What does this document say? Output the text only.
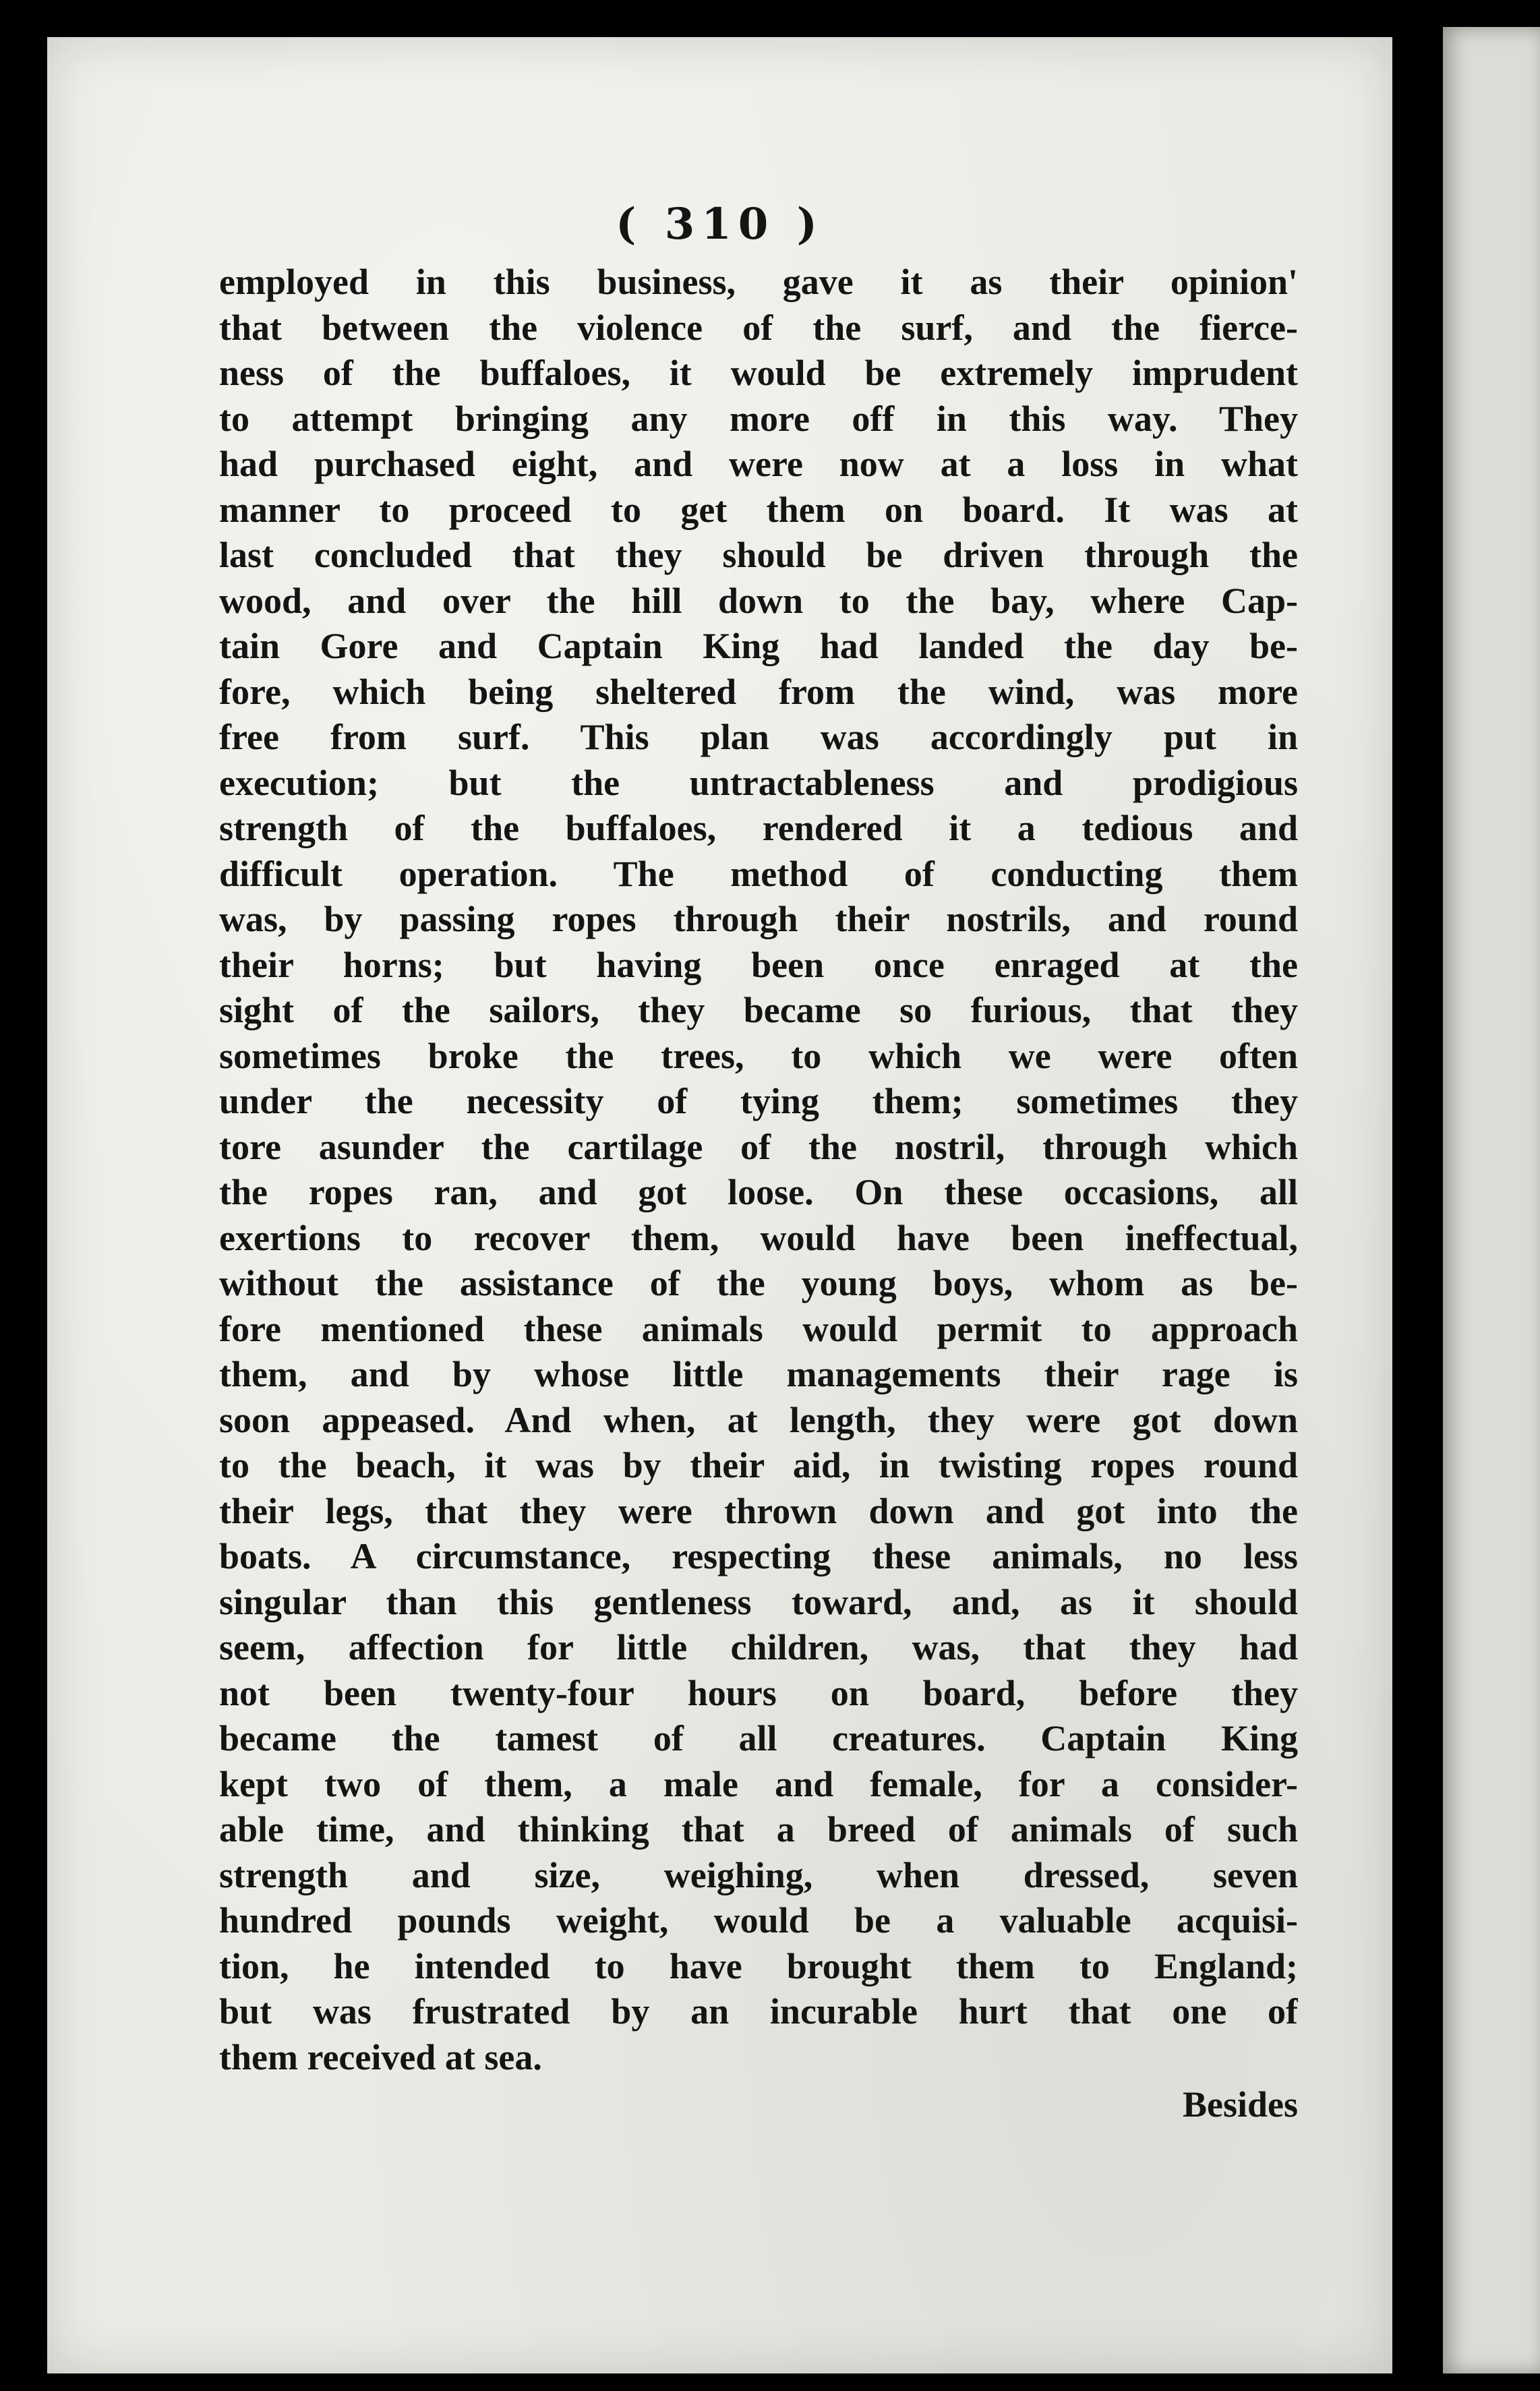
( 310 )
employed in this business, gave it as their opinion'
that between the violence of the surf, and the fierce-
ness of the buffaloes, it would be extremely imprudent
to attempt bringing any more off in this way. They
had purchased eight, and were now at a loss in what
manner to proceed to get them on board. It was at
last concluded that they should be driven through the
wood, and over the hill down to the bay, where Cap-
tain Gore and Captain King had landed the day be-
fore, which being sheltered from the wind, was more
free from surf. This plan was accordingly put in
execution; but the untractableness and prodigious
strength of the buffaloes, rendered it a tedious and
difficult operation. The method of conducting them
was, by passing ropes through their nostrils, and round
their horns; but having been once enraged at the
sight of the sailors, they became so furious, that they
sometimes broke the trees, to which we were often
under the necessity of tying them; sometimes they
tore asunder the cartilage of the nostril, through which
the ropes ran, and got loose. On these occasions, all
exertions to recover them, would have been ineffectual,
without the assistance of the young boys, whom as be-
fore mentioned these animals would permit to approach
them, and by whose little managements their rage is
soon appeased. And when, at length, they were got down
to the beach, it was by their aid, in twisting ropes round
their legs, that they were thrown down and got into the
boats. A circumstance, respecting these animals, no less
singular than this gentleness toward, and, as it should
seem, affection for little children, was, that they had
not been twenty-four hours on board, before they
became the tamest of all creatures. Captain King
kept two of them, a male and female, for a consider-
able time, and thinking that a breed of animals of such
strength and size, weighing, when dressed, seven
hundred pounds weight, would be a valuable acquisi-
tion, he intended to have brought them to England;
but was frustrated by an incurable hurt that one of
them received at sea.

Besides
